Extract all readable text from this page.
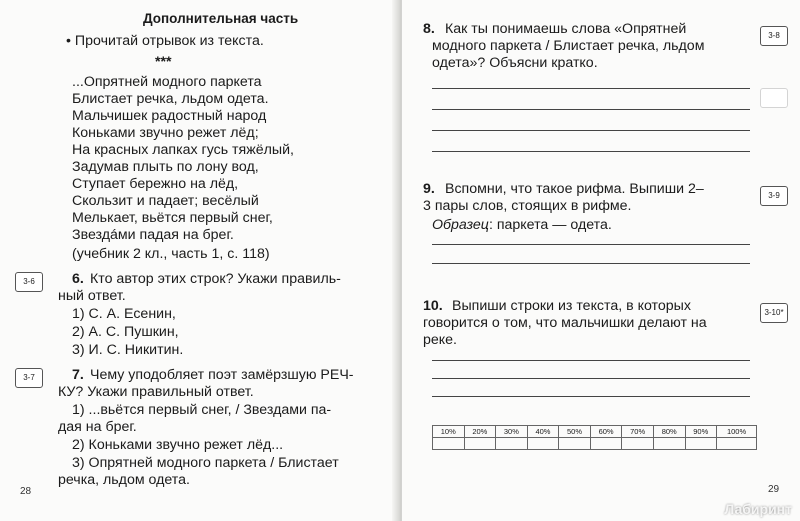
Дополнительная часть
• Прочитай отрывок из текста.
***
...Опрятней модного паркета
Блистает речка, льдом одета.
Мальчишек радостный народ
Коньками звучно режет лёд;
На красных лапках гусь тяжёлый,
Задумав плыть по лону вод,
Ступает бережно на лёд,
Скользит и падает; весёлый
Мелькает, вьётся первый снег,
Звездáми падая на брег.
(учебник 2 кл., часть 1, с. 118)
3-6	6. Кто автор этих строк? Укажи правиль-
ный ответ.
1) С. А. Есенин,
2) А. С. Пушкин,
3) И. С. Никитин.
3-7	7. Чему уподобляет поэт замёрзшую РЕЧ-
КУ? Укажи правильный ответ.
1) ...вьётся первый снег, / Звездами па-
дая на брег.
2) Коньками звучно режет лёд...
3) Опрятней модного паркета / Блистает
речка, льдом одета.
28
8. Как ты понимаешь слова «Опрятней
модного паркета / Блистает речка, льдом
одета»? Объясни кратко.
3-8
9. Вспомни, что такое рифма. Выпиши 2–
3 пары слов, стоящих в рифме.
Образец: паркета — одета.
3-9
10. Выпиши строки из текста, в которых
говорится о том, что мальчишки делают на
реке.
3-10*
10%	20%	30%	40%	50%	60%	70%	80%	90%	100%

29
Лабиринт
